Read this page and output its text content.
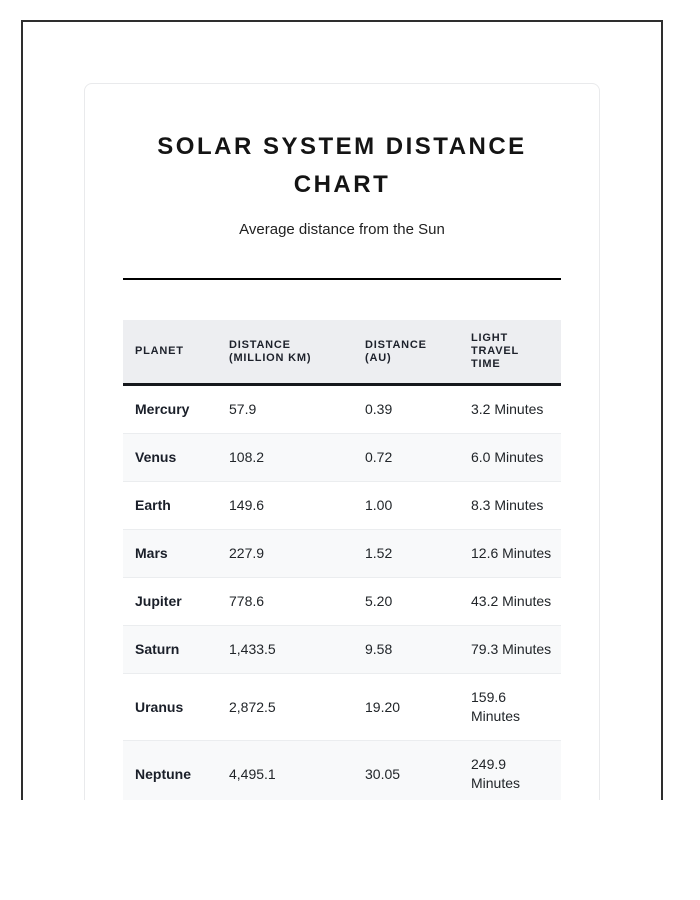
SOLAR SYSTEM DISTANCE CHART
Average distance from the Sun
PLANET	DISTANCE (MILLION KM)	DISTANCE (AU)	LIGHT TRAVEL TIME
Mercury	57.9	0.39	3.2 Minutes
Venus	108.2	0.72	6.0 Minutes
Earth	149.6	1.00	8.3 Minutes
Mars	227.9	1.52	12.6 Minutes
Jupiter	778.6	5.20	43.2 Minutes
Saturn	1,433.5	9.58	79.3 Minutes
Uranus	2,872.5	19.20	159.6 Minutes
Neptune	4,495.1	30.05	249.9 Minutes
